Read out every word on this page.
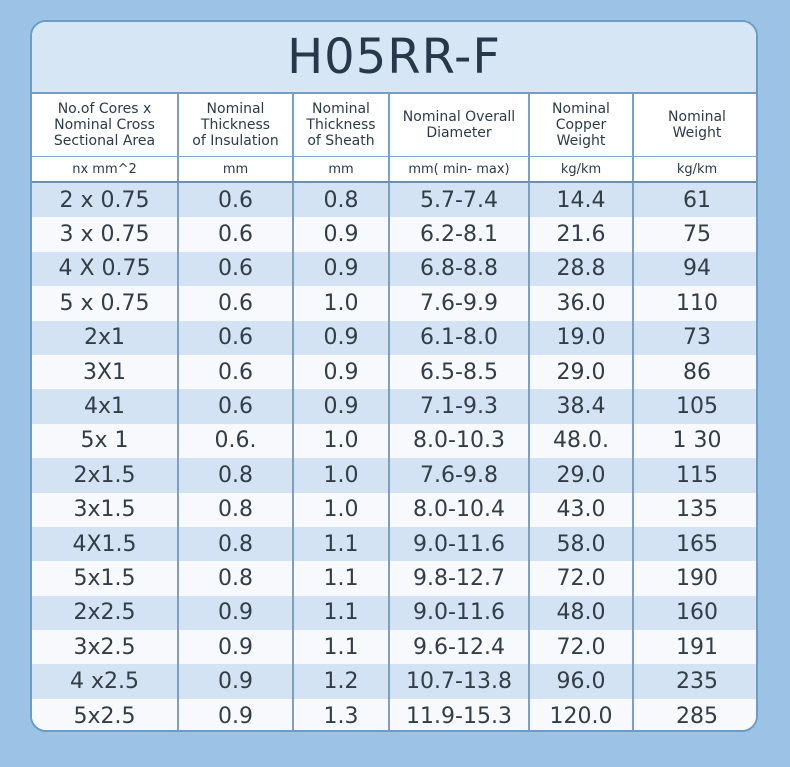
H05RR-F
No.of Cores x
Nominal Cross
Sectional Area	Nominal
Thickness
of Insulation	Nominal
Thickness
of Sheath	Nominal Overall
Diameter	Nominal
Copper
Weight	Nominal
Weight
nx mm^2	mm	mm	mm( min- max)	kg/km	kg/km
2 x 0.75	0.6	0.8	5.7-7.4	14.4	61
3 x 0.75	0.6	0.9	6.2-8.1	21.6	75
4 X 0.75	0.6	0.9	6.8-8.8	28.8	94
5 x 0.75	0.6	1.0	7.6-9.9	36.0	110
2x1	0.6	0.9	6.1-8.0	19.0	73
3X1	0.6	0.9	6.5-8.5	29.0	86
4x1	0.6	0.9	7.1-9.3	38.4	105
5x 1	0.6.	1.0	8.0-10.3	48.0.	1 30
2x1.5	0.8	1.0	7.6-9.8	29.0	115
3x1.5	0.8	1.0	8.0-10.4	43.0	135
4X1.5	0.8	1.1	9.0-11.6	58.0	165
5x1.5	0.8	1.1	9.8-12.7	72.0	190
2x2.5	0.9	1.1	9.0-11.6	48.0	160
3x2.5	0.9	1.1	9.6-12.4	72.0	191
4 x2.5	0.9	1.2	10.7-13.8	96.0	235
5x2.5	0.9	1.3	11.9-15.3	120.0	285
